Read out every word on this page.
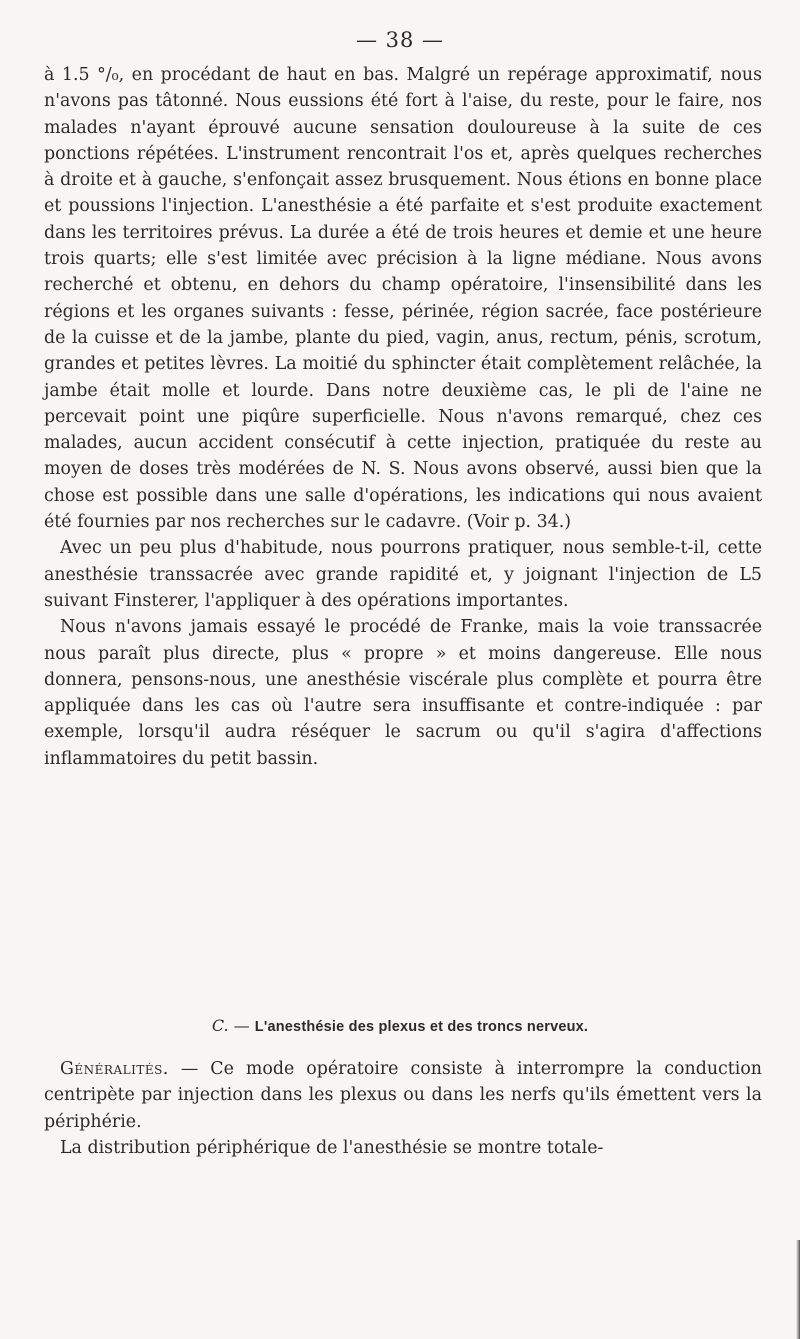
— 38 —

à 1.5 °/₀, en procédant de haut en bas. Malgré un repérage approximatif, nous n'avons pas tâtonné. Nous eussions été fort à l'aise, du reste, pour le faire, nos malades n'ayant éprouvé aucune sensation douloureuse à la suite de ces ponctions répétées. L'instrument rencontrait l'os et, après quelques recherches à droite et à gauche, s'enfonçait assez brusquement. Nous étions en bonne place et poussions l'injection. L'anesthésie a été parfaite et s'est produite exactement dans les territoires prévus. La durée a été de trois heures et demie et une heure trois quarts; elle s'est limitée avec précision à la ligne médiane. Nous avons recherché et obtenu, en dehors du champ opératoire, l'insensibilité dans les régions et les organes suivants : fesse, périnée, région sacrée, face postérieure de la cuisse et de la jambe, plante du pied, vagin, anus, rectum, pénis, scrotum, grandes et petites lèvres. La moitié du sphincter était complètement relâchée, la jambe était molle et lourde. Dans notre deuxième cas, le pli de l'aine ne percevait point une piqûre superficielle. Nous n'avons remarqué, chez ces malades, aucun accident consécutif à cette injection, pratiquée du reste au moyen de doses très modérées de N. S. Nous avons observé, aussi bien que la chose est possible dans une salle d'opérations, les indications qui nous avaient été fournies par nos recherches sur le cadavre. (Voir p. 34.)

Avec un peu plus d'habitude, nous pourrons pratiquer, nous semble-t-il, cette anesthésie transsacrée avec grande rapidité et, y joignant l'injection de L5 suivant Finsterer, l'appliquer à des opérations importantes.

Nous n'avons jamais essayé le procédé de Franke, mais la voie transsacrée nous paraît plus directe, plus « propre » et moins dangereuse. Elle nous donnera, pensons-nous, une anesthésie viscérale plus complète et pourra être appliquée dans les cas où l'autre sera insuffisante et contre-indiquée : par exemple, lorsqu'il audra réséquer le sacrum ou qu'il s'agira d'affections inflammatoires du petit bassin.

C. — L'anesthésie des plexus et des troncs nerveux.

Généralités. — Ce mode opératoire consiste à interrompre la conduction centripète par injection dans les plexus ou dans les nerfs qu'ils émettent vers la périphérie.

La distribution périphérique de l'anesthésie se montre totale-
